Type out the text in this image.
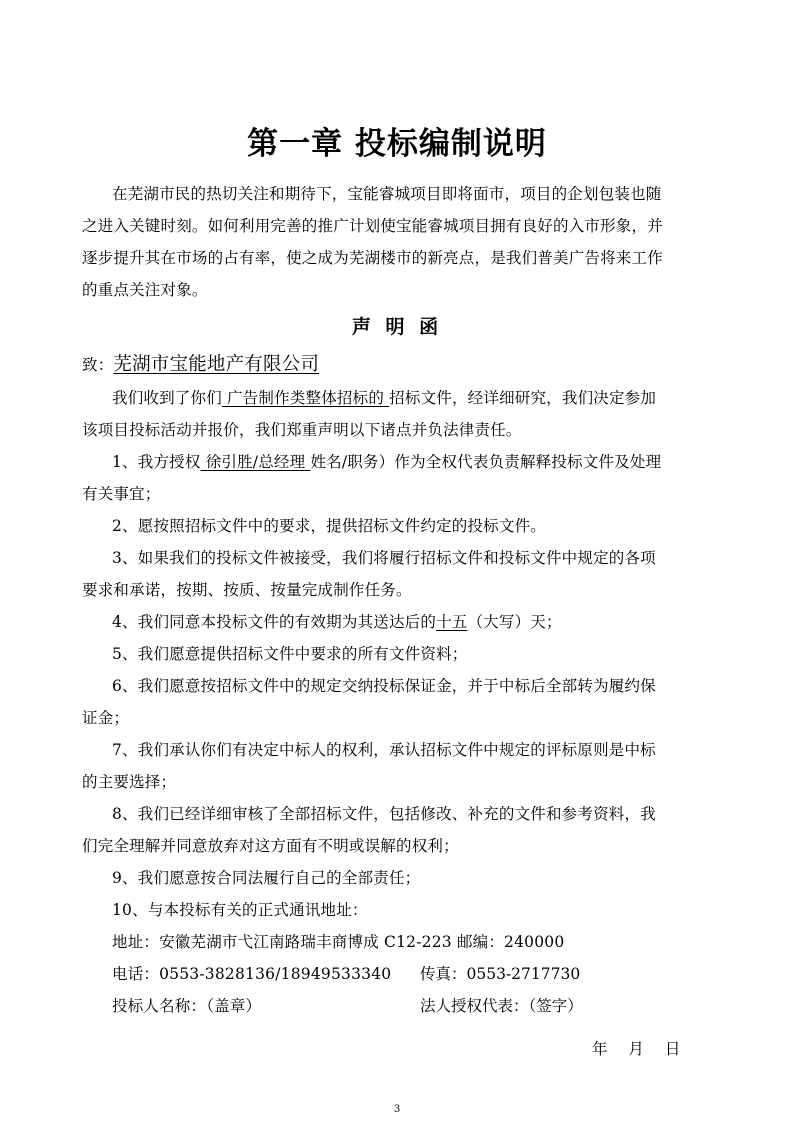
第一章 投标编制说明
在芜湖市民的热切关注和期待下，宝能睿城项目即将面市，项目的企划包装也随
之进入关键时刻。如何利用完善的推广计划使宝能睿城项目拥有良好的入市形象，并
逐步提升其在市场的占有率，使之成为芜湖楼市的新亮点，是我们普美广告将来工作
的重点关注对象。
声 明 函
致：芜湖市宝能地产有限公司
我们收到了你们 广告制作类整体招标的 招标文件，经详细研究，我们决定参加
该项目投标活动并报价，我们郑重声明以下诸点并负法律责任。
1、我方授权 徐引胜/总经理 姓名/职务）作为全权代表负责解释投标文件及处理
有关事宜；
2、愿按照招标文件中的要求，提供招标文件约定的投标文件。
3、如果我们的投标文件被接受，我们将履行招标文件和投标文件中规定的各项
要求和承诺，按期、按质、按量完成制作任务。
4、我们同意本投标文件的有效期为其送达后的十五（大写）天；
5、我们愿意提供招标文件中要求的所有文件资料；
6、我们愿意按招标文件中的规定交纳投标保证金，并于中标后全部转为履约保
证金；
7、我们承认你们有决定中标人的权利，承认招标文件中规定的评标原则是中标
的主要选择；
8、我们已经详细审核了全部招标文件，包括修改、补充的文件和参考资料，我
们完全理解并同意放弃对这方面有不明或误解的权利；
9、我们愿意按合同法履行自己的全部责任；
10、与本投标有关的正式通讯地址：
地址：安徽芜湖市弋江南路瑞丰商博成 C12-223 邮编：240000
电话：0553-3828136/18949533340 传真：0553-2717730
投标人名称：（盖章）	法人授权代表：（签字）
年 月 日
3
